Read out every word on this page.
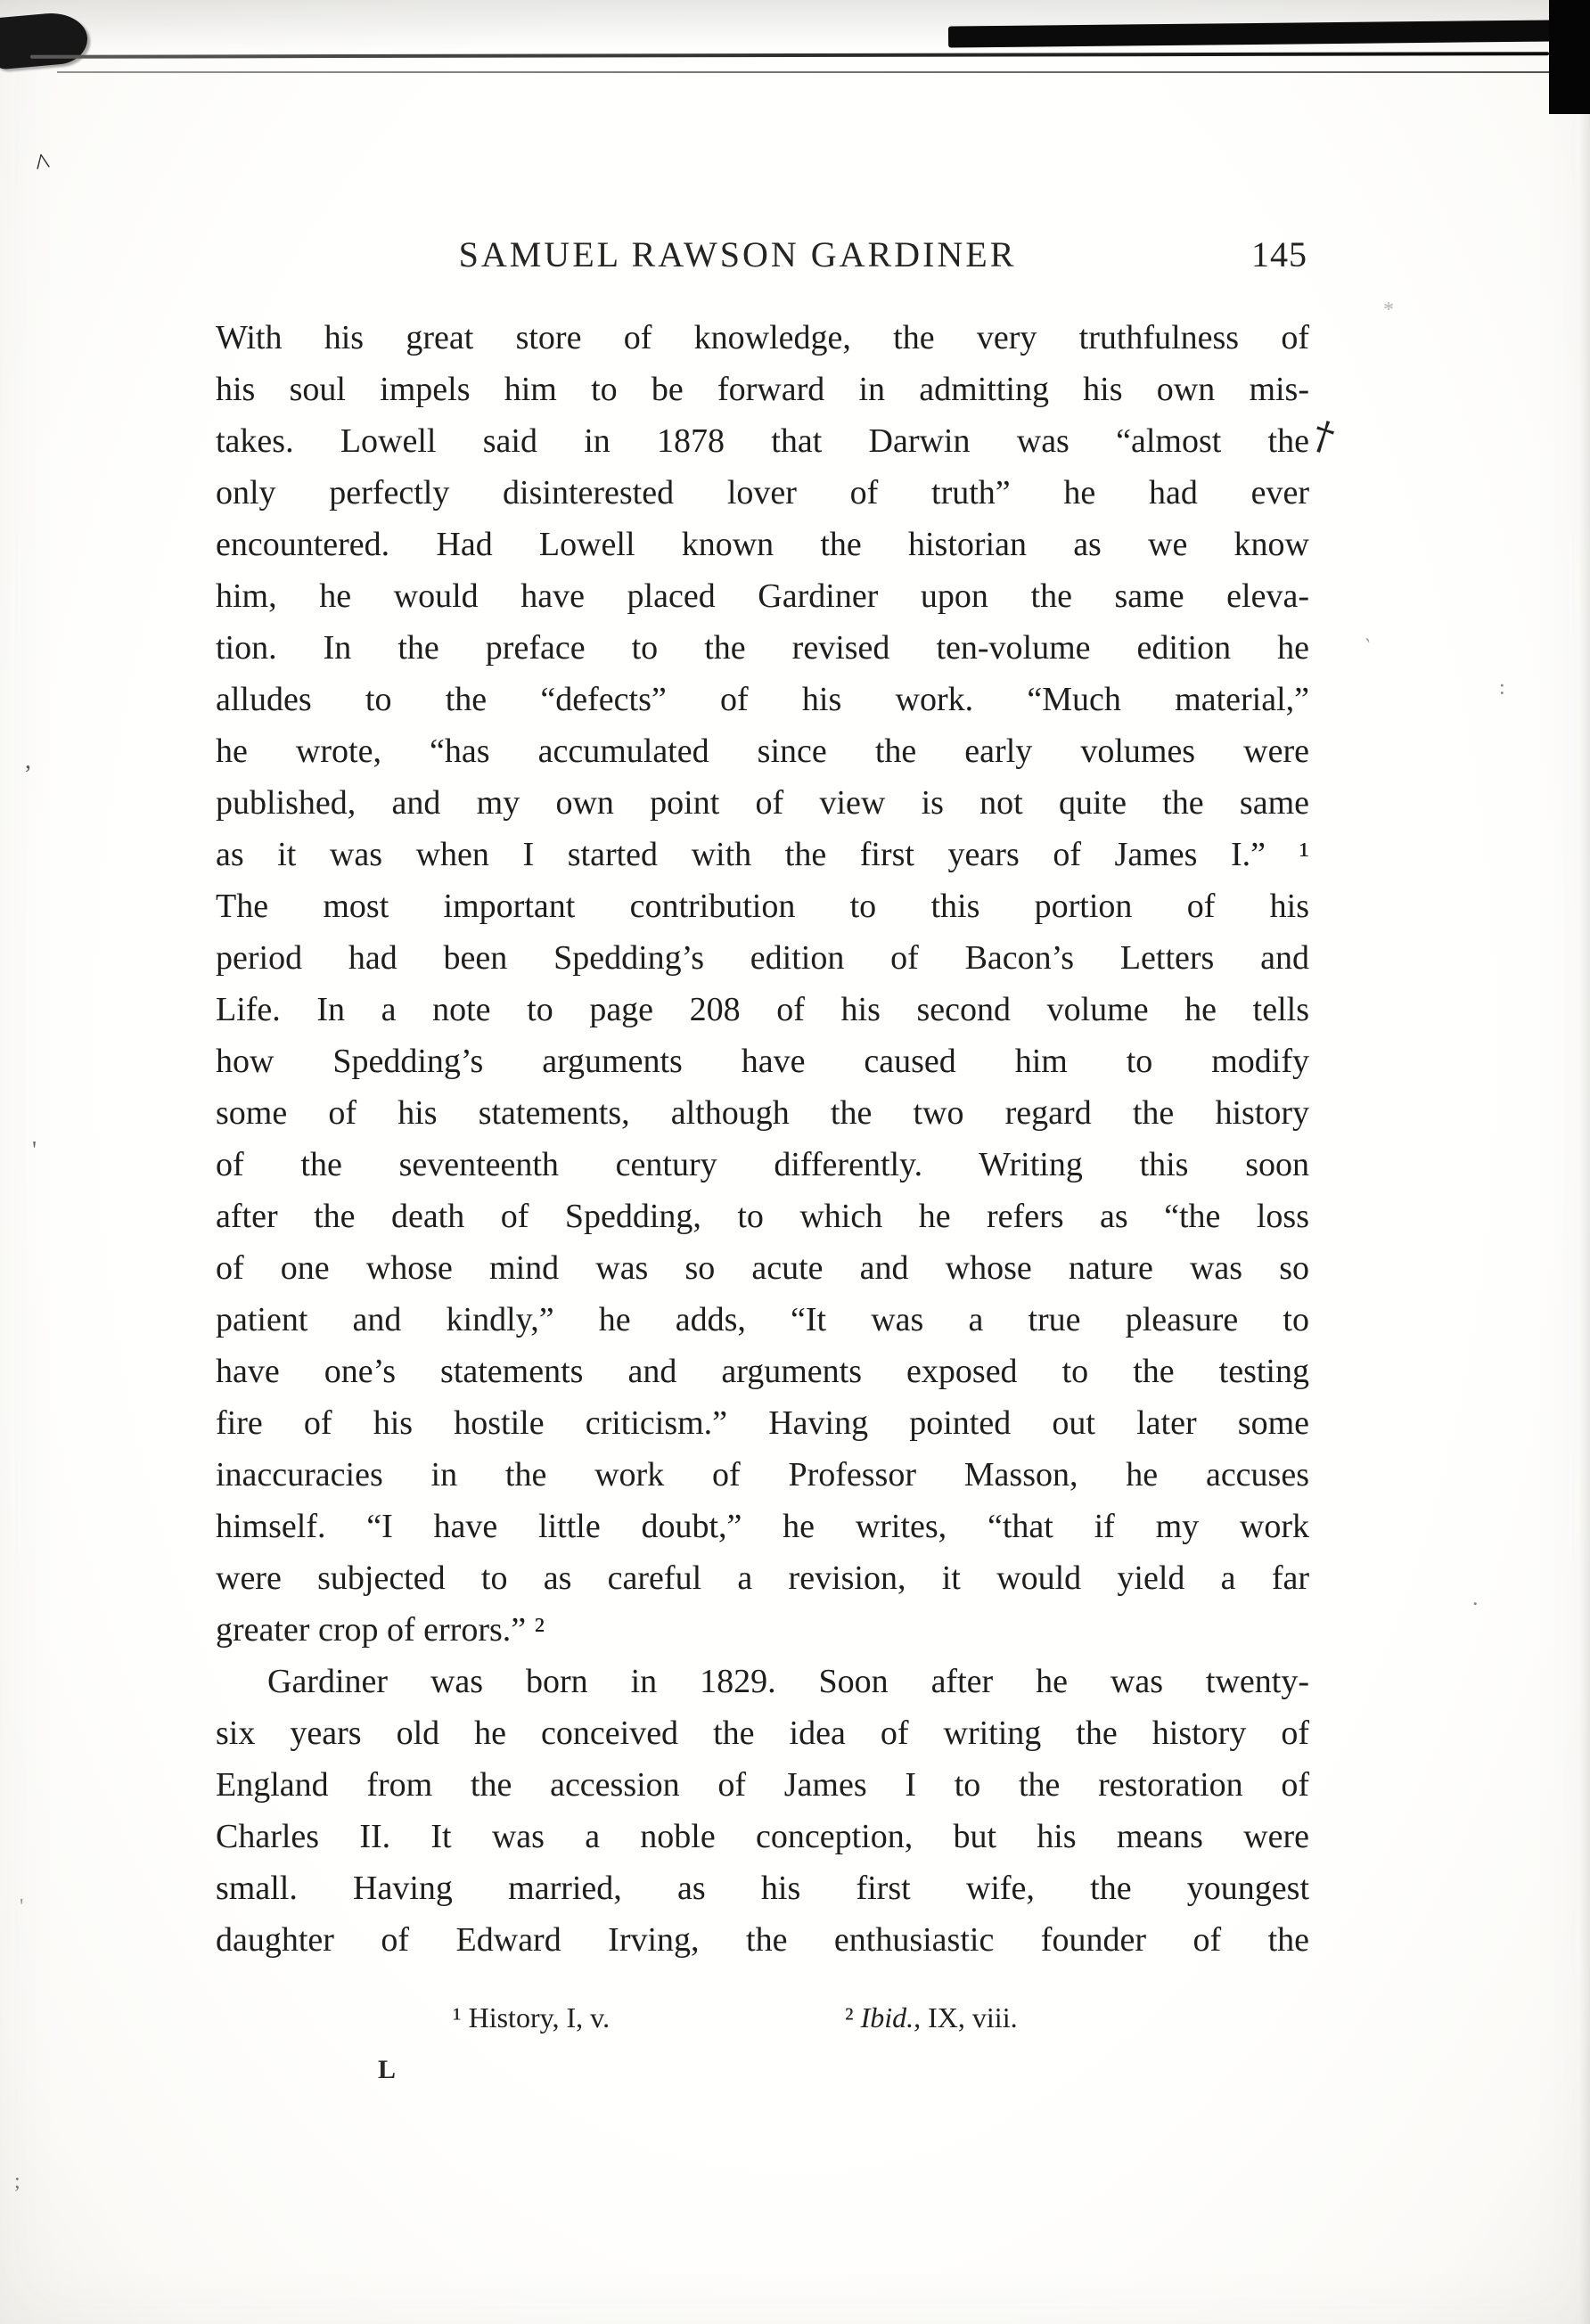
SAMUEL RAWSON GARDINER	145
With his great store of knowledge, the very truthfulness of
his soul impels him to be forward in admitting his own mis-
takes. Lowell said in 1878 that Darwin was “almost the
only perfectly disinterested lover of truth” he had ever
encountered. Had Lowell known the historian as we know
him, he would have placed Gardiner upon the same eleva-
tion. In the preface to the revised ten-volume edition he
alludes to the “defects” of his work. “Much material,”
he wrote, “has accumulated since the early volumes were
published, and my own point of view is not quite the same
as it was when I started with the first years of James I.” ¹
The most important contribution to this portion of his
period had been Spedding’s edition of Bacon’s Letters and
Life. In a note to page 208 of his second volume he tells
how Spedding’s arguments have caused him to modify
some of his statements, although the two regard the history
of the seventeenth century differently. Writing this soon
after the death of Spedding, to which he refers as “the loss
of one whose mind was so acute and whose nature was so
patient and kindly,” he adds, “It was a true pleasure to
have one’s statements and arguments exposed to the testing
fire of his hostile criticism.” Having pointed out later some
inaccuracies in the work of Professor Masson, he accuses
himself. “I have little doubt,” he writes, “that if my work
were subjected to as careful a revision, it would yield a far
greater crop of errors.” ²
Gardiner was born in 1829. Soon after he was twenty-
six years old he conceived the idea of writing the history of
England from the accession of James I to the restoration of
Charles II. It was a noble conception, but his means were
small. Having married, as his first wife, the youngest
daughter of Edward Irving, the enthusiastic founder of the
†
¹ History, I, v.	² Ibid., IX, viii.
L
^
*
,
'
:
`
;
.
'
